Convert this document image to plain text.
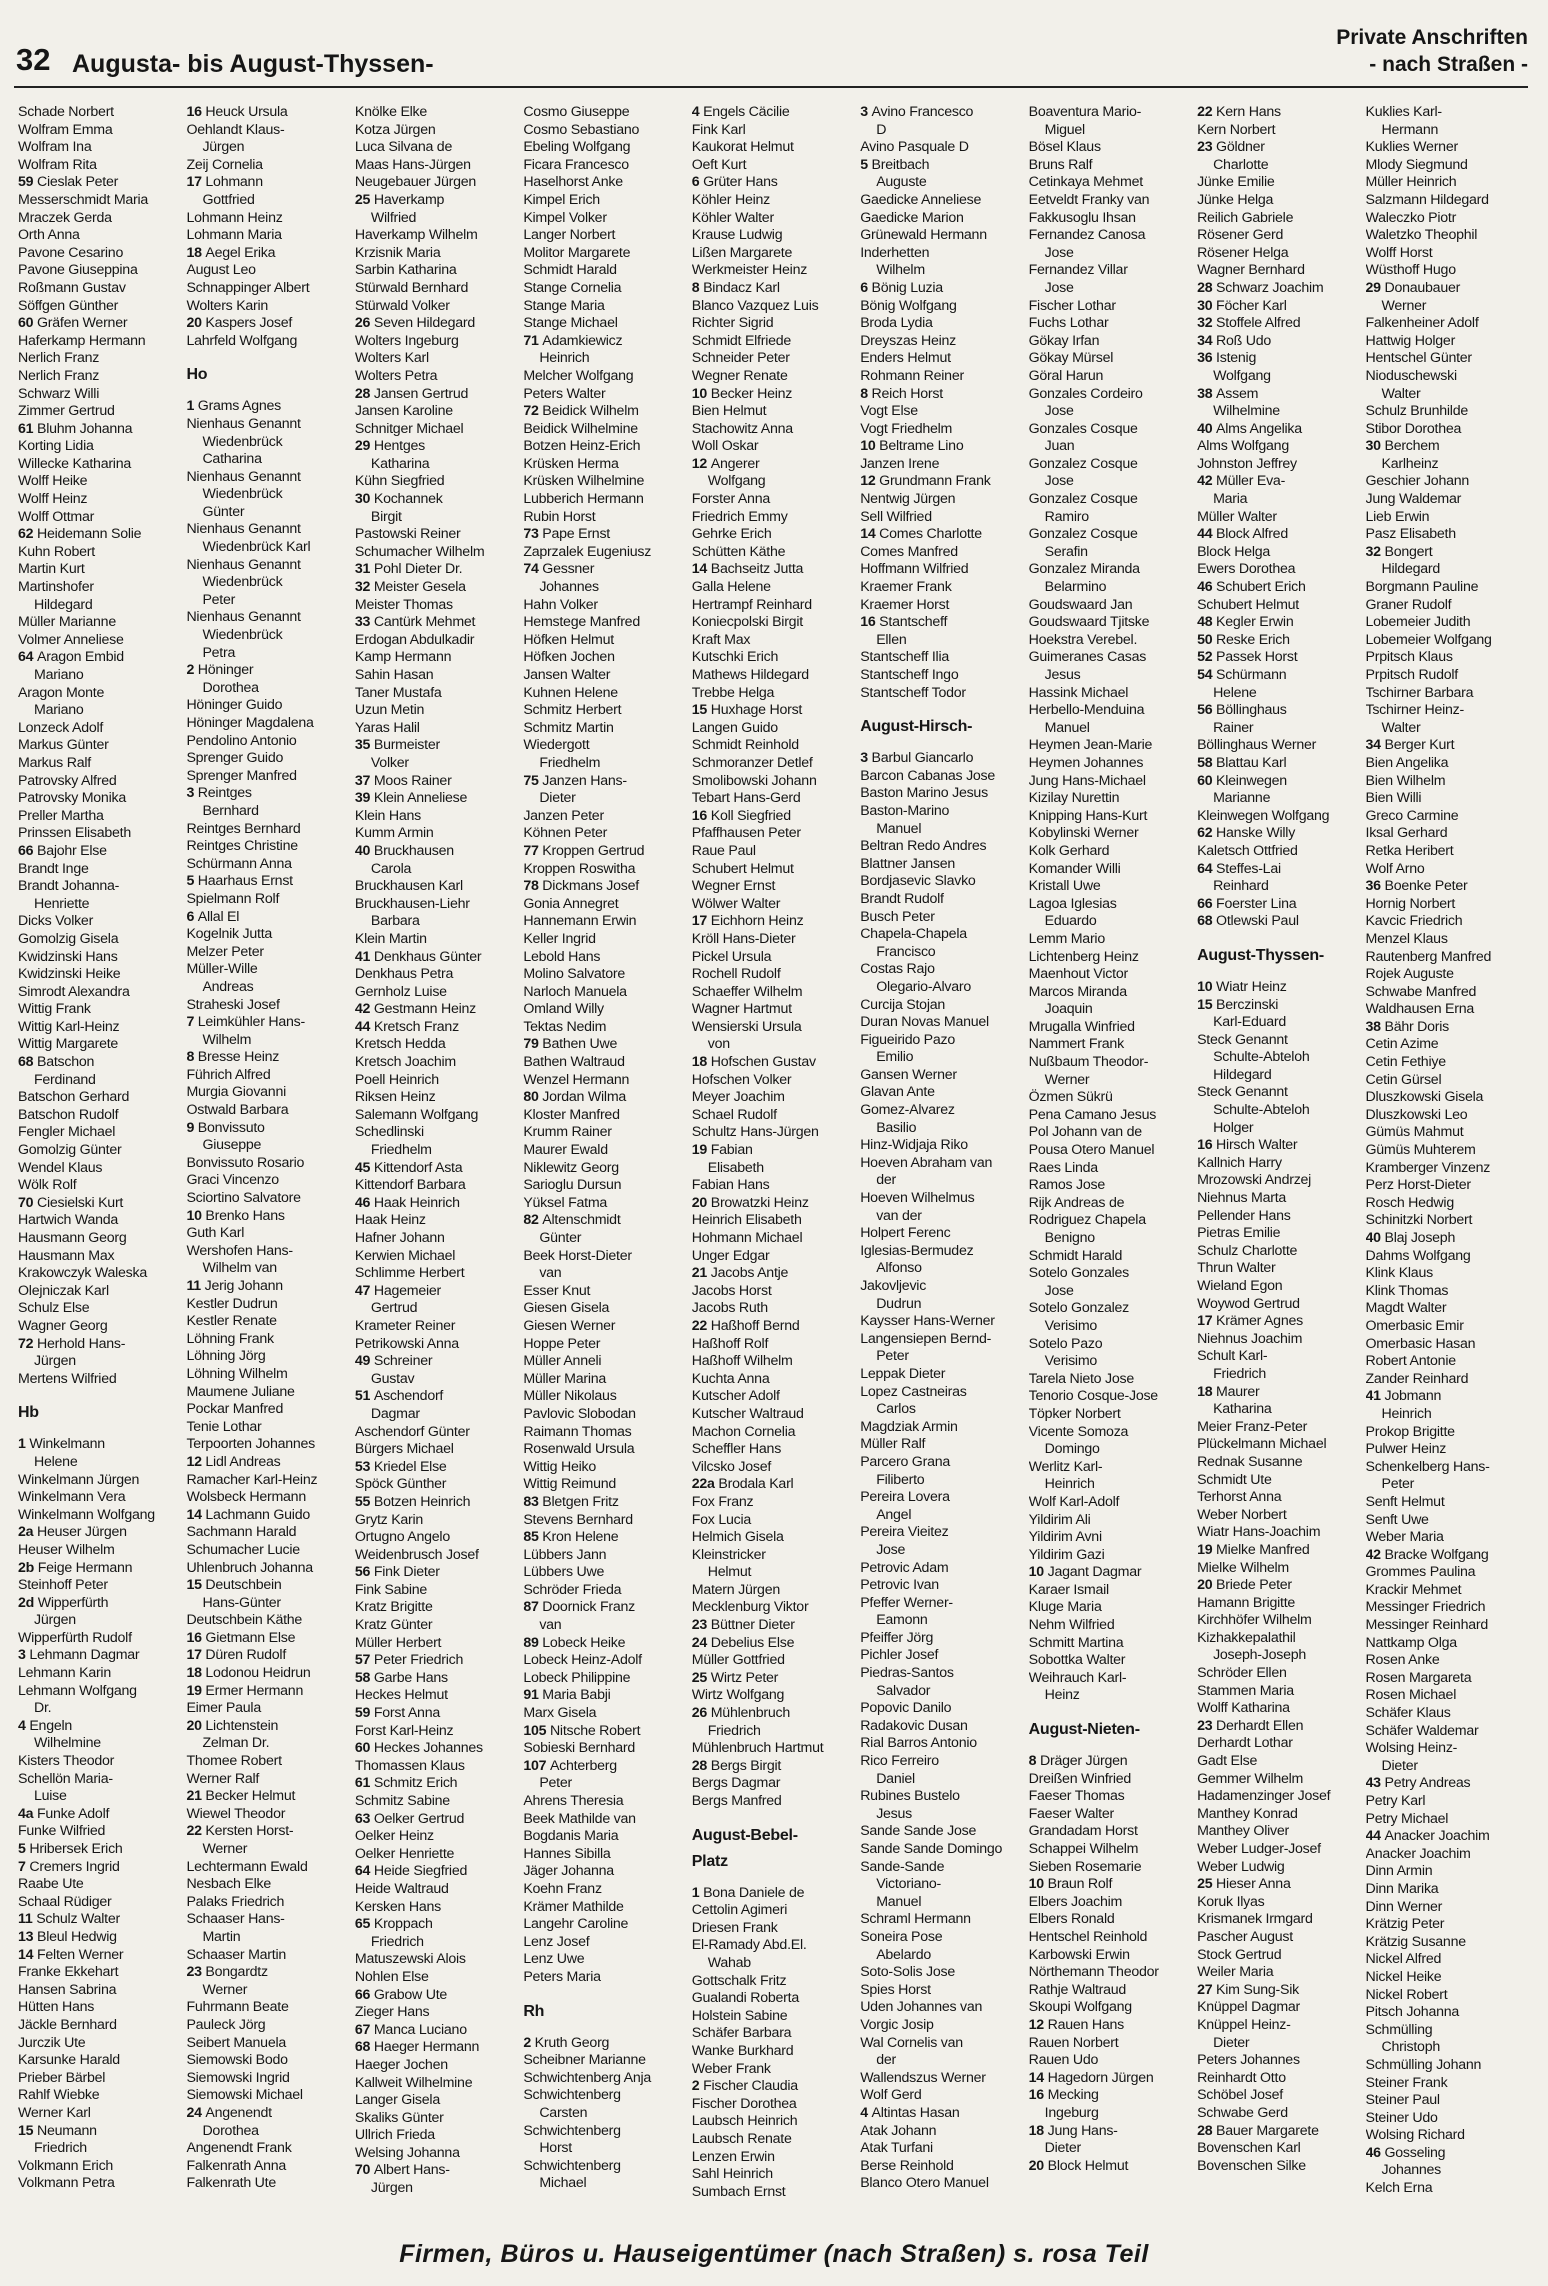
32 Augusta- bis August-Thyssen-
Private Anschriften
- nach Straßen -
Schade Norbert
Wolfram Emma
Wolfram Ina
Wolfram Rita
59 Cieslak Peter
Messerschmidt Maria
Mraczek Gerda
Orth Anna
Pavone Cesarino
Pavone Giuseppina
Roßmann Gustav
Söffgen Günther
60 Gräfen Werner
Haferkamp Hermann
Nerlich Franz
Nerlich Franz
Schwarz Willi
Zimmer Gertrud
61 Bluhm Johanna
Korting Lidia
Willecke Katharina
Wolff Heike
Wolff Heinz
Wolff Ottmar
62 Heidemann Solie
Kuhn Robert
Martin Kurt
Martinshofer
Hildegard
Müller Marianne
Volmer Anneliese
64 Aragon Embid
Mariano
Aragon Monte
Mariano
Lonzeck Adolf
Markus Günter
Markus Ralf
Patrovsky Alfred
Patrovsky Monika
Preller Martha
Prinssen Elisabeth
66 Bajohr Else
Brandt Inge
Brandt Johanna-
Henriette
Dicks Volker
Gomolzig Gisela
Kwidzinski Hans
Kwidzinski Heike
Simrodt Alexandra
Wittig Frank
Wittig Karl-Heinz
Wittig Margarete
68 Batschon
Ferdinand
Batschon Gerhard
Batschon Rudolf
Fengler Michael
Gomolzig Günter
Wendel Klaus
Wölk Rolf
70 Ciesielski Kurt
Hartwich Wanda
Hausmann Georg
Hausmann Max
Krakowczyk Waleska
Olejniczak Karl
Schulz Else
Wagner Georg
72 Herhold Hans-
Jürgen
Mertens Wilfried
Hb
1 Winkelmann
Helene
Winkelmann Jürgen
Winkelmann Vera
Winkelmann Wolfgang
2a Heuser Jürgen
Heuser Wilhelm
2b Feige Hermann
Steinhoff Peter
2d Wipperfürth
Jürgen
Wipperfürth Rudolf
3 Lehmann Dagmar
Lehmann Karin
Lehmann Wolfgang
Dr.
4 Engeln
Wilhelmine
Kisters Theodor
Schellön Maria-
Luise
4a Funke Adolf
Funke Wilfried
5 Hribersek Erich
7 Cremers Ingrid
Raabe Ute
Schaal Rüdiger
11 Schulz Walter
13 Bleul Hedwig
14 Felten Werner
Franke Ekkehart
Hansen Sabrina
Hütten Hans
Jäckle Bernhard
Jurczik Ute
Karsunke Harald
Prieber Bärbel
Rahlf Wiebke
Werner Karl
15 Neumann
Friedrich
Volkmann Erich
Volkmann Petra
16 Heuck Ursula
Oehlandt Klaus-
Jürgen
Zeij Cornelia
17 Lohmann
Gottfried
Lohmann Heinz
Lohmann Maria
18 Aegel Erika
August Leo
Schnappinger Albert
Wolters Karin
20 Kaspers Josef
Lahrfeld Wolfgang
Ho
1 Grams Agnes
Nienhaus Genannt
Wiedenbrück
Catharina
Nienhaus Genannt
Wiedenbrück
Günter
Nienhaus Genannt
Wiedenbrück Karl
Nienhaus Genannt
Wiedenbrück
Peter
Nienhaus Genannt
Wiedenbrück
Petra
2 Höninger
Dorothea
Höninger Guido
Höninger Magdalena
Pendolino Antonio
Sprenger Guido
Sprenger Manfred
3 Reintges
Bernhard
Reintges Bernhard
Reintges Christine
Schürmann Anna
5 Haarhaus Ernst
Spielmann Rolf
6 Allal El
Kogelnik Jutta
Melzer Peter
Müller-Wille
Andreas
Straheski Josef
7 Leimkühler Hans-
Wilhelm
8 Bresse Heinz
Führich Alfred
Murgia Giovanni
Ostwald Barbara
9 Bonvissuto
Giuseppe
Bonvissuto Rosario
Graci Vincenzo
Sciortino Salvatore
10 Brenko Hans
Guth Karl
Wershofen Hans-
Wilhelm van
11 Jerig Johann
Kestler Dudrun
Kestler Renate
Löhning Frank
Löhning Jörg
Löhning Wilhelm
Maumene Juliane
Pockar Manfred
Tenie Lothar
Terpoorten Johannes
12 Lidl Andreas
Ramacher Karl-Heinz
Wolsbeck Hermann
14 Lachmann Guido
Sachmann Harald
Schumacher Lucie
Uhlenbruch Johanna
15 Deutschbein
Hans-Günter
Deutschbein Käthe
16 Gietmann Else
17 Düren Rudolf
18 Lodonou Heidrun
19 Ermer Hermann
Eimer Paula
20 Lichtenstein
Zelman Dr.
Thomee Robert
Werner Ralf
21 Becker Helmut
Wiewel Theodor
22 Kersten Horst-
Werner
Lechtermann Ewald
Nesbach Elke
Palaks Friedrich
Schaaser Hans-
Martin
Schaaser Martin
23 Bongardtz
Werner
Fuhrmann Beate
Pauleck Jörg
Seibert Manuela
Siemowski Bodo
Siemowski Ingrid
Siemowski Michael
24 Angenendt
Dorothea
Angenendt Frank
Falkenrath Anna
Falkenrath Ute
Knölke Elke
Kotza Jürgen
Luca Silvana de
Maas Hans-Jürgen
Neugebauer Jürgen
25 Haverkamp
Wilfried
Haverkamp Wilhelm
Krzisnik Maria
Sarbin Katharina
Stürwald Bernhard
Stürwald Volker
26 Seven Hildegard
Wolters Ingeburg
Wolters Karl
Wolters Petra
28 Jansen Gertrud
Jansen Karoline
Schnitger Michael
29 Hentges
Katharina
Kühn Siegfried
30 Kochannek
Birgit
Pastowski Reiner
Schumacher Wilhelm
31 Pohl Dieter Dr.
32 Meister Gesela
Meister Thomas
33 Cantürk Mehmet
Erdogan Abdulkadir
Kamp Hermann
Sahin Hasan
Taner Mustafa
Uzun Metin
Yaras Halil
35 Burmeister
Volker
37 Moos Rainer
39 Klein Anneliese
Klein Hans
Kumm Armin
40 Bruckhausen
Carola
Bruckhausen Karl
Bruckhausen-Liehr
Barbara
Klein Martin
41 Denkhaus Günter
Denkhaus Petra
Gernholz Luise
42 Gestmann Heinz
44 Kretsch Franz
Kretsch Hedda
Kretsch Joachim
Poell Heinrich
Riksen Heinz
Salemann Wolfgang
Schedlinski
Friedhelm
45 Kittendorf Asta
Kittendorf Barbara
46 Haak Heinrich
Haak Heinz
Hafner Johann
Kerwien Michael
Schlimme Herbert
47 Hagemeier
Gertrud
Krameter Reiner
Petrikowski Anna
49 Schreiner
Gustav
51 Aschendorf
Dagmar
Aschendorf Günter
Bürgers Michael
53 Kriedel Else
Spöck Günther
55 Botzen Heinrich
Grytz Karin
Ortugno Angelo
Weidenbrusch Josef
56 Fink Dieter
Fink Sabine
Kratz Brigitte
Kratz Günter
Müller Herbert
57 Peter Friedrich
58 Garbe Hans
Heckes Helmut
59 Forst Anna
Forst Karl-Heinz
60 Heckes Johannes
Thomassen Klaus
61 Schmitz Erich
Schmitz Sabine
63 Oelker Gertrud
Oelker Heinz
Oelker Henriette
64 Heide Siegfried
Heide Waltraud
Kersken Hans
65 Kroppach
Friedrich
Matuszewski Alois
Nohlen Else
66 Grabow Ute
Zieger Hans
67 Manca Luciano
68 Haeger Hermann
Haeger Jochen
Kallweit Wilhelmine
Langer Gisela
Skaliks Günter
Ullrich Frieda
Welsing Johanna
70 Albert Hans-
Jürgen
Cosmo Giuseppe
Cosmo Sebastiano
Ebeling Wolfgang
Ficara Francesco
Haselhorst Anke
Kimpel Erich
Kimpel Volker
Langer Norbert
Molitor Margarete
Schmidt Harald
Stange Cornelia
Stange Maria
Stange Michael
71 Adamkiewicz
Heinrich
Melcher Wolfgang
Peters Walter
72 Beidick Wilhelm
Beidick Wilhelmine
Botzen Heinz-Erich
Krüsken Herma
Krüsken Wilhelmine
Lubberich Hermann
Rubin Horst
73 Pape Ernst
Zaprzalek Eugeniusz
74 Gessner
Johannes
Hahn Volker
Hemstege Manfred
Höfken Helmut
Höfken Jochen
Jansen Walter
Kuhnen Helene
Schmitz Herbert
Schmitz Martin
Wiedergott
Friedhelm
75 Janzen Hans-
Dieter
Janzen Peter
Köhnen Peter
77 Kroppen Gertrud
Kroppen Roswitha
78 Dickmans Josef
Gonia Annegret
Hannemann Erwin
Keller Ingrid
Lebold Hans
Molino Salvatore
Narloch Manuela
Omland Willy
Tektas Nedim
79 Bathen Uwe
Bathen Waltraud
Wenzel Hermann
80 Jordan Wilma
Kloster Manfred
Krumm Rainer
Maurer Ewald
Niklewitz Georg
Sarioglu Dursun
Yüksel Fatma
82 Altenschmidt
Günter
Beek Horst-Dieter
van
Esser Knut
Giesen Gisela
Giesen Werner
Hoppe Peter
Müller Anneli
Müller Marina
Müller Nikolaus
Pavlovic Slobodan
Raimann Thomas
Rosenwald Ursula
Wittig Heiko
Wittig Reimund
83 Bletgen Fritz
Stevens Bernhard
85 Kron Helene
Lübbers Jann
Lübbers Uwe
Schröder Frieda
87 Doornick Franz
van
89 Lobeck Heike
Lobeck Heinz-Adolf
Lobeck Philippine
91 Maria Babji
Marx Gisela
105 Nitsche Robert
Sobieski Bernhard
107 Achterberg
Peter
Ahrens Theresia
Beek Mathilde van
Bogdanis Maria
Hannes Sibilla
Jäger Johanna
Koehn Franz
Krämer Mathilde
Langehr Caroline
Lenz Josef
Lenz Uwe
Peters Maria
Rh
2 Kruth Georg
Scheibner Marianne
Schwichtenberg Anja
Schwichtenberg
Carsten
Schwichtenberg
Horst
Schwichtenberg
Michael
4 Engels Cäcilie
Fink Karl
Kaukorat Helmut
Oeft Kurt
6 Grüter Hans
Köhler Heinz
Köhler Walter
Krause Ludwig
Lißen Margarete
Werkmeister Heinz
8 Bindacz Karl
Blanco Vazquez Luis
Richter Sigrid
Schmidt Elfriede
Schneider Peter
Wegner Renate
10 Becker Heinz
Bien Helmut
Stachowitz Anna
Woll Oskar
12 Angerer
Wolfgang
Forster Anna
Friedrich Emmy
Gehrke Erich
Schütten Käthe
14 Bachseitz Jutta
Galla Helene
Hertrampf Reinhard
Koniecpolski Birgit
Kraft Max
Kutschki Erich
Mathews Hildegard
Trebbe Helga
15 Huxhage Horst
Langen Guido
Schmidt Reinhold
Schmoranzer Detlef
Smolibowski Johann
Tebart Hans-Gerd
16 Koll Siegfried
Pfaffhausen Peter
Raue Paul
Schubert Helmut
Wegner Ernst
Wölwer Walter
17 Eichhorn Heinz
Kröll Hans-Dieter
Pickel Ursula
Rochell Rudolf
Schaeffer Wilhelm
Wagner Hartmut
Wensierski Ursula
von
18 Hofschen Gustav
Hofschen Volker
Meyer Joachim
Schael Rudolf
Schultz Hans-Jürgen
19 Fabian
Elisabeth
Fabian Hans
20 Browatzki Heinz
Heinrich Elisabeth
Hohmann Michael
Unger Edgar
21 Jacobs Antje
Jacobs Horst
Jacobs Ruth
22 Haßhoff Bernd
Haßhoff Rolf
Haßhoff Wilhelm
Kuchta Anna
Kutscher Adolf
Kutscher Waltraud
Machon Cornelia
Scheffler Hans
Vilcsko Josef
22a Brodala Karl
Fox Franz
Fox Lucia
Helmich Gisela
Kleinstricker
Helmut
Matern Jürgen
Mecklenburg Viktor
23 Büttner Dieter
24 Debelius Else
Müller Gottfried
25 Wirtz Peter
Wirtz Wolfgang
26 Mühlenbruch
Friedrich
Mühlenbruch Hartmut
28 Bergs Birgit
Bergs Dagmar
Bergs Manfred
August-Bebel-
Platz
1 Bona Daniele de
Cettolin Agimeri
Driesen Frank
El-Ramady Abd.El.
Wahab
Gottschalk Fritz
Gualandi Roberta
Holstein Sabine
Schäfer Barbara
Wanke Burkhard
Weber Frank
2 Fischer Claudia
Fischer Dorothea
Laubsch Heinrich
Laubsch Renate
Lenzen Erwin
Sahl Heinrich
Sumbach Ernst
3 Avino Francesco
D
Avino Pasquale D
5 Breitbach
Auguste
Gaedicke Anneliese
Gaedicke Marion
Grünewald Hermann
Inderhetten
Wilhelm
6 Bönig Luzia
Bönig Wolfgang
Broda Lydia
Dreyszas Heinz
Enders Helmut
Rohmann Reiner
8 Reich Horst
Vogt Else
Vogt Friedhelm
10 Beltrame Lino
Janzen Irene
12 Grundmann Frank
Nentwig Jürgen
Sell Wilfried
14 Comes Charlotte
Comes Manfred
Hoffmann Wilfried
Kraemer Frank
Kraemer Horst
16 Stantscheff
Ellen
Stantscheff Ilia
Stantscheff Ingo
Stantscheff Todor
August-Hirsch-
3 Barbul Giancarlo
Barcon Cabanas Jose
Baston Marino Jesus
Baston-Marino
Manuel
Beltran Redo Andres
Blattner Jansen
Bordjasevic Slavko
Brandt Rudolf
Busch Peter
Chapela-Chapela
Francisco
Costas Rajo
Olegario-Alvaro
Curcija Stojan
Duran Novas Manuel
Figueirido Pazo
Emilio
Gansen Werner
Glavan Ante
Gomez-Alvarez
Basilio
Hinz-Widjaja Riko
Hoeven Abraham van
der
Hoeven Wilhelmus
van der
Holpert Ferenc
Iglesias-Bermudez
Alfonso
Jakovljevic
Dudrun
Kaysser Hans-Werner
Langensiepen Bernd-
Peter
Leppak Dieter
Lopez Castneiras
Carlos
Magdziak Armin
Müller Ralf
Parcero Grana
Filiberto
Pereira Lovera
Angel
Pereira Vieitez
Jose
Petrovic Adam
Petrovic Ivan
Pfeffer Werner-
Eamonn
Pfeiffer Jörg
Pichler Josef
Piedras-Santos
Salvador
Popovic Danilo
Radakovic Dusan
Rial Barros Antonio
Rico Ferreiro
Daniel
Rubines Bustelo
Jesus
Sande Sande Jose
Sande Sande Domingo
Sande-Sande
Victoriano-
Manuel
Schraml Hermann
Soneira Pose
Abelardo
Soto-Solis Jose
Spies Horst
Uden Johannes van
Vorgic Josip
Wal Cornelis van
der
Wallendszus Werner
Wolf Gerd
4 Altintas Hasan
Atak Johann
Atak Turfani
Berse Reinhold
Blanco Otero Manuel
Boaventura Mario-
Miguel
Bösel Klaus
Bruns Ralf
Cetinkaya Mehmet
Eetveldt Franky van
Fakkusoglu Ihsan
Fernandez Canosa
Jose
Fernandez Villar
Jose
Fischer Lothar
Fuchs Lothar
Gökay Irfan
Gökay Mürsel
Göral Harun
Gonzales Cordeiro
Jose
Gonzales Cosque
Juan
Gonzalez Cosque
Jose
Gonzalez Cosque
Ramiro
Gonzalez Cosque
Serafin
Gonzalez Miranda
Belarmino
Goudswaard Jan
Goudswaard Tjitske
Hoekstra Verebel.
Guimeranes Casas
Jesus
Hassink Michael
Herbello-Menduina
Manuel
Heymen Jean-Marie
Heymen Johannes
Jung Hans-Michael
Kizilay Nurettin
Knipping Hans-Kurt
Kobylinski Werner
Kolk Gerhard
Komander Willi
Kristall Uwe
Lagoa Iglesias
Eduardo
Lemm Mario
Lichtenberg Heinz
Maenhout Victor
Marcos Miranda
Joaquin
Mrugalla Winfried
Nammert Frank
Nußbaum Theodor-
Werner
Özmen Sükrü
Pena Camano Jesus
Pol Johann van de
Pousa Otero Manuel
Raes Linda
Ramos Jose
Rijk Andreas de
Rodriguez Chapela
Benigno
Schmidt Harald
Sotelo Gonzales
Jose
Sotelo Gonzalez
Verisimo
Sotelo Pazo
Verisimo
Tarela Nieto Jose
Tenorio Cosque-Jose
Töpker Norbert
Vicente Somoza
Domingo
Werlitz Karl-
Heinrich
Wolf Karl-Adolf
Yildirim Ali
Yildirim Avni
Yildirim Gazi
10 Jagant Dagmar
Karaer Ismail
Kluge Maria
Nehm Wilfried
Schmitt Martina
Sobottka Walter
Weihrauch Karl-
Heinz
August-Nieten-
8 Dräger Jürgen
Dreißen Winfried
Faeser Thomas
Faeser Walter
Grandadam Horst
Schappei Wilhelm
Sieben Rosemarie
10 Braun Rolf
Elbers Joachim
Elbers Ronald
Hentschel Reinhold
Karbowski Erwin
Nörthemann Theodor
Rathje Waltraud
Skoupi Wolfgang
12 Rauen Hans
Rauen Norbert
Rauen Udo
14 Hagedorn Jürgen
16 Mecking
Ingeburg
18 Jung Hans-
Dieter
20 Block Helmut
22 Kern Hans
Kern Norbert
23 Göldner
Charlotte
Jünke Emilie
Jünke Helga
Reilich Gabriele
Rösener Gerd
Rösener Helga
Wagner Bernhard
28 Schwarz Joachim
30 Föcher Karl
32 Stoffele Alfred
34 Roß Udo
36 Istenig
Wolfgang
38 Assem
Wilhelmine
40 Alms Angelika
Alms Wolfgang
Johnston Jeffrey
42 Müller Eva-
Maria
Müller Walter
44 Block Alfred
Block Helga
Ewers Dorothea
46 Schubert Erich
Schubert Helmut
48 Kegler Erwin
50 Reske Erich
52 Passek Horst
54 Schürmann
Helene
56 Böllinghaus
Rainer
Böllinghaus Werner
58 Blattau Karl
60 Kleinwegen
Marianne
Kleinwegen Wolfgang
62 Hanske Willy
Kaletsch Ottfried
64 Steffes-Lai
Reinhard
66 Foerster Lina
68 Otlewski Paul
August-Thyssen-
10 Wiatr Heinz
15 Berczinski
Karl-Eduard
Steck Genannt
Schulte-Abteloh
Hildegard
Steck Genannt
Schulte-Abteloh
Holger
16 Hirsch Walter
Kallnich Harry
Mrozowski Andrzej
Niehnus Marta
Pellender Hans
Pietras Emilie
Schulz Charlotte
Thrun Walter
Wieland Egon
Woywod Gertrud
17 Krämer Agnes
Niehnus Joachim
Schult Karl-
Friedrich
18 Maurer
Katharina
Meier Franz-Peter
Plückelmann Michael
Rednak Susanne
Schmidt Ute
Terhorst Anna
Weber Norbert
Wiatr Hans-Joachim
19 Mielke Manfred
Mielke Wilhelm
20 Briede Peter
Hamann Brigitte
Kirchhöfer Wilhelm
Kizhakkepalathil
Joseph-Joseph
Schröder Ellen
Stammen Maria
Wolff Katharina
23 Derhardt Ellen
Derhardt Lothar
Gadt Else
Gemmer Wilhelm
Hadamenzinger Josef
Manthey Konrad
Manthey Oliver
Weber Ludger-Josef
Weber Ludwig
25 Hieser Anna
Koruk Ilyas
Krismanek Irmgard
Pascher August
Stock Gertrud
Weiler Maria
27 Kim Sung-Sik
Knüppel Dagmar
Knüppel Heinz-
Dieter
Peters Johannes
Reinhardt Otto
Schöbel Josef
Schwabe Gerd
28 Bauer Margarete
Bovenschen Karl
Bovenschen Silke
Kuklies Karl-
Hermann
Kuklies Werner
Mlody Siegmund
Müller Heinrich
Salzmann Hildegard
Waleczko Piotr
Waletzko Theophil
Wolff Horst
Wüsthoff Hugo
29 Donaubauer
Werner
Falkenheiner Adolf
Hattwig Holger
Hentschel Günter
Nioduschewski
Walter
Schulz Brunhilde
Stibor Dorothea
30 Berchem
Karlheinz
Geschier Johann
Jung Waldemar
Lieb Erwin
Pasz Elisabeth
32 Bongert
Hildegard
Borgmann Pauline
Graner Rudolf
Lobemeier Judith
Lobemeier Wolfgang
Prpitsch Klaus
Prpitsch Rudolf
Tschirner Barbara
Tschirner Heinz-
Walter
34 Berger Kurt
Bien Angelika
Bien Wilhelm
Bien Willi
Greco Carmine
Iksal Gerhard
Retka Heribert
Wolf Arno
36 Boenke Peter
Hornig Norbert
Kavcic Friedrich
Menzel Klaus
Rautenberg Manfred
Rojek Auguste
Schwabe Manfred
Waldhausen Erna
38 Bähr Doris
Cetin Azime
Cetin Fethiye
Cetin Gürsel
Dluszkowski Gisela
Dluszkowski Leo
Gümüs Mahmut
Gümüs Muhterem
Kramberger Vinzenz
Perz Horst-Dieter
Rosch Hedwig
Schinitzki Norbert
40 Blaj Joseph
Dahms Wolfgang
Klink Klaus
Klink Thomas
Magdt Walter
Omerbasic Emir
Omerbasic Hasan
Robert Antonie
Zander Reinhard
41 Jobmann
Heinrich
Prokop Brigitte
Pulwer Heinz
Schenkelberg Hans-
Peter
Senft Helmut
Senft Uwe
Weber Maria
42 Bracke Wolfgang
Grommes Paulina
Krackir Mehmet
Messinger Friedrich
Messinger Reinhard
Nattkamp Olga
Rosen Anke
Rosen Margareta
Rosen Michael
Schäfer Klaus
Schäfer Waldemar
Wolsing Heinz-
Dieter
43 Petry Andreas
Petry Karl
Petry Michael
44 Anacker Joachim
Anacker Joachim
Dinn Armin
Dinn Marika
Dinn Werner
Krätzig Peter
Krätzig Susanne
Nickel Alfred
Nickel Heike
Nickel Robert
Pitsch Johanna
Schmülling
Christoph
Schmülling Johann
Steiner Frank
Steiner Paul
Steiner Udo
Wolsing Richard
46 Gosseling
Johannes
Kelch Erna
Firmen, Büros u. Hauseigentümer (nach Straßen) s. rosa Teil
